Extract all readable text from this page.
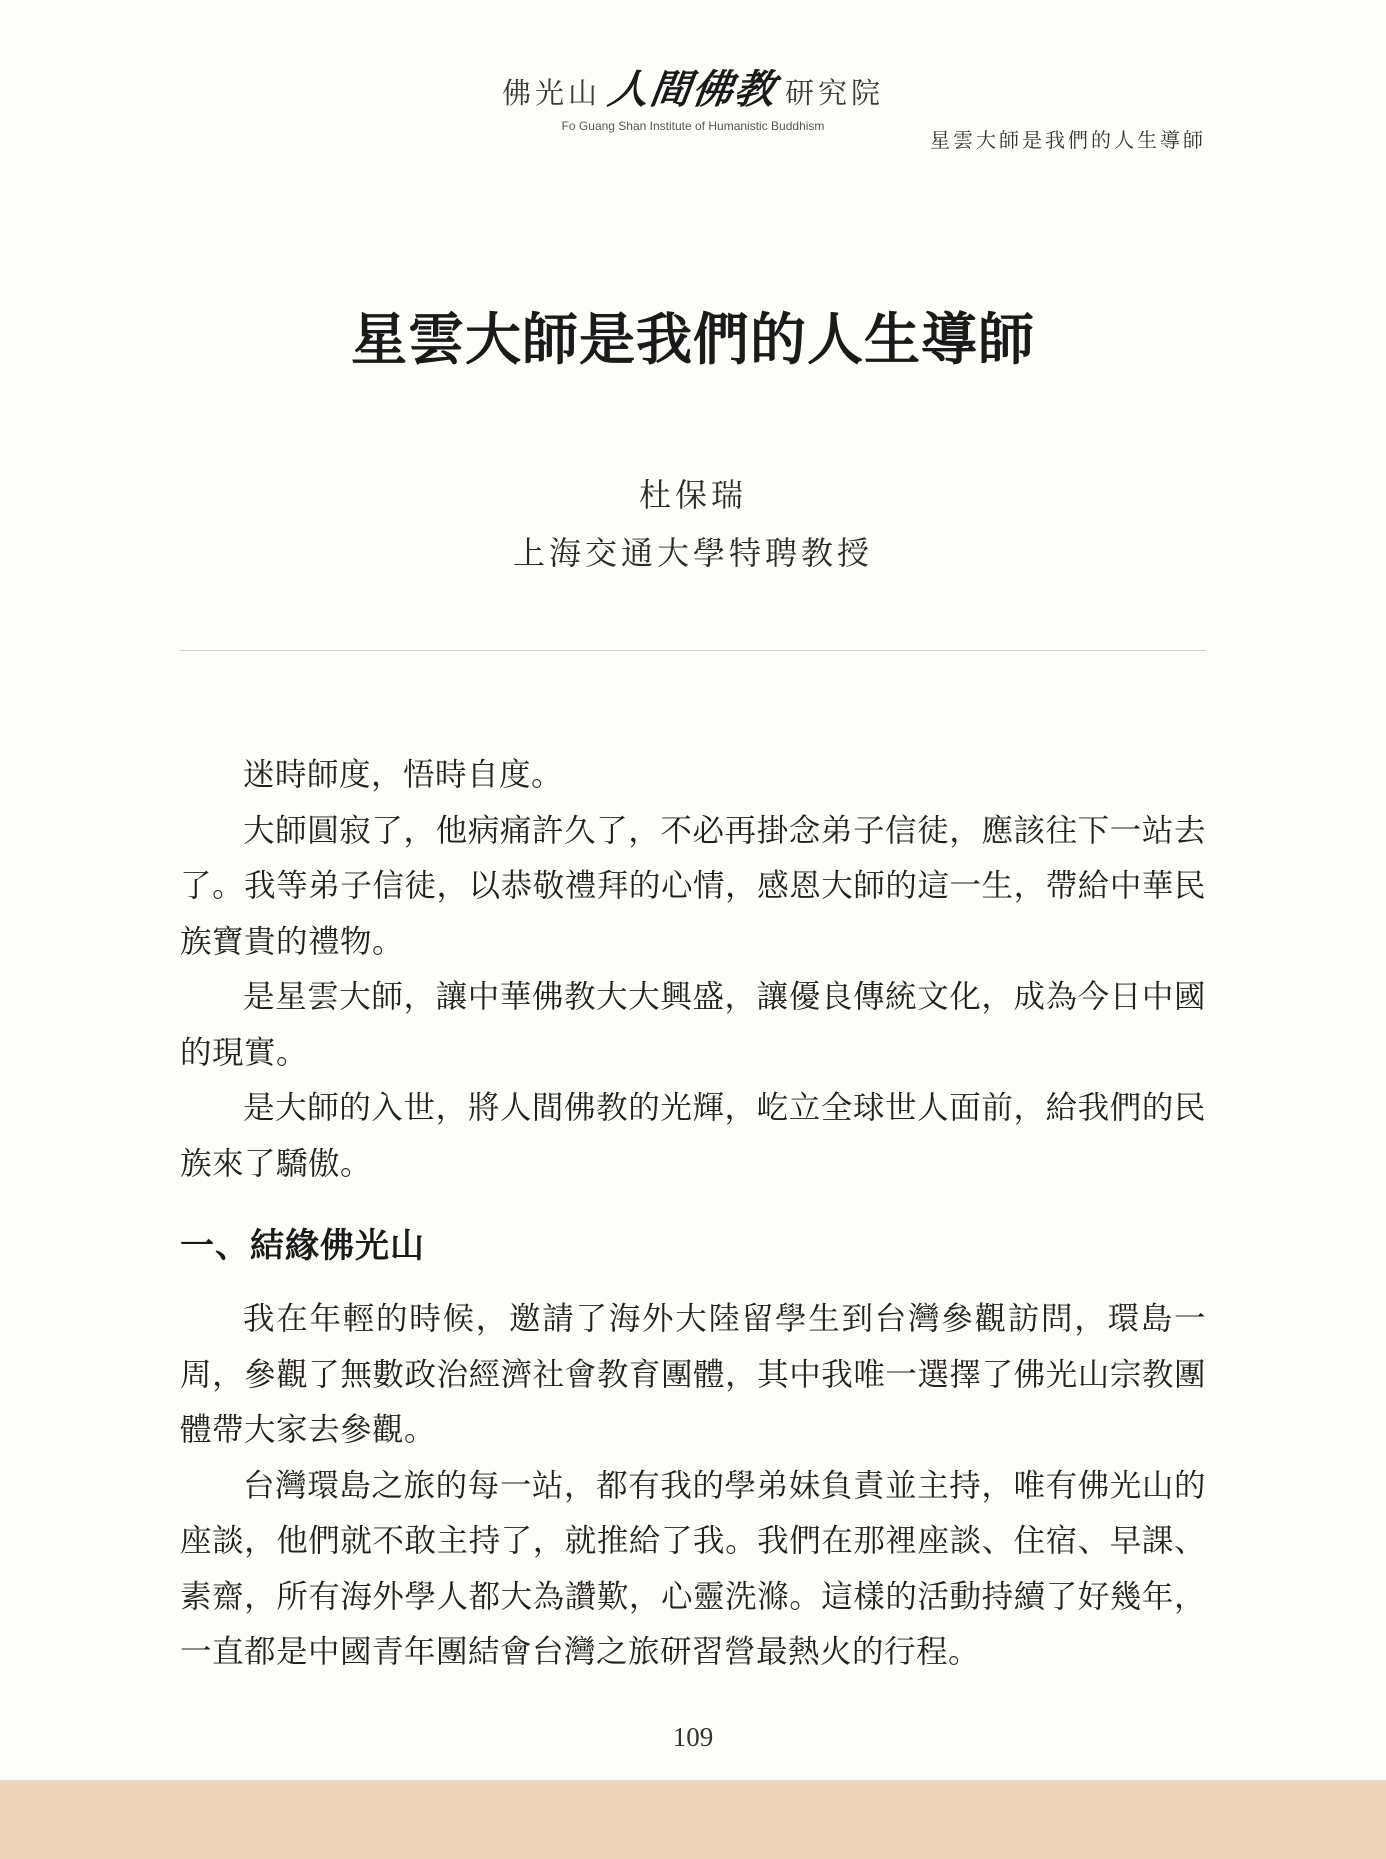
佛光山 人間佛教 研究院
Fo Guang Shan Institute of Humanistic Buddhism
星雲大師是我們的人生導師
星雲大師是我們的人生導師
杜保瑞
上海交通大學特聘教授

迷時師度，悟時自度。

大師圓寂了，他病痛許久了，不必再掛念弟子信徒，應該往下一站去了。我等弟子信徒，以恭敬禮拜的心情，感恩大師的這一生，帶給中華民族寶貴的禮物。

是星雲大師，讓中華佛教大大興盛，讓優良傳統文化，成為今日中國的現實。

是大師的入世，將人間佛教的光輝，屹立全球世人面前，給我們的民族來了驕傲。

一、結緣佛光山

我在年輕的時候，邀請了海外大陸留學生到台灣參觀訪問，環島一周，參觀了無數政治經濟社會教育團體，其中我唯一選擇了佛光山宗教團體帶大家去參觀。

台灣環島之旅的每一站，都有我的學弟妹負責並主持，唯有佛光山的座談，他們就不敢主持了，就推給了我。我們在那裡座談、住宿、早課、素齋，所有海外學人都大為讚歎，心靈洗滌。這樣的活動持續了好幾年，一直都是中國青年團結會台灣之旅研習營最熱火的行程。

109
